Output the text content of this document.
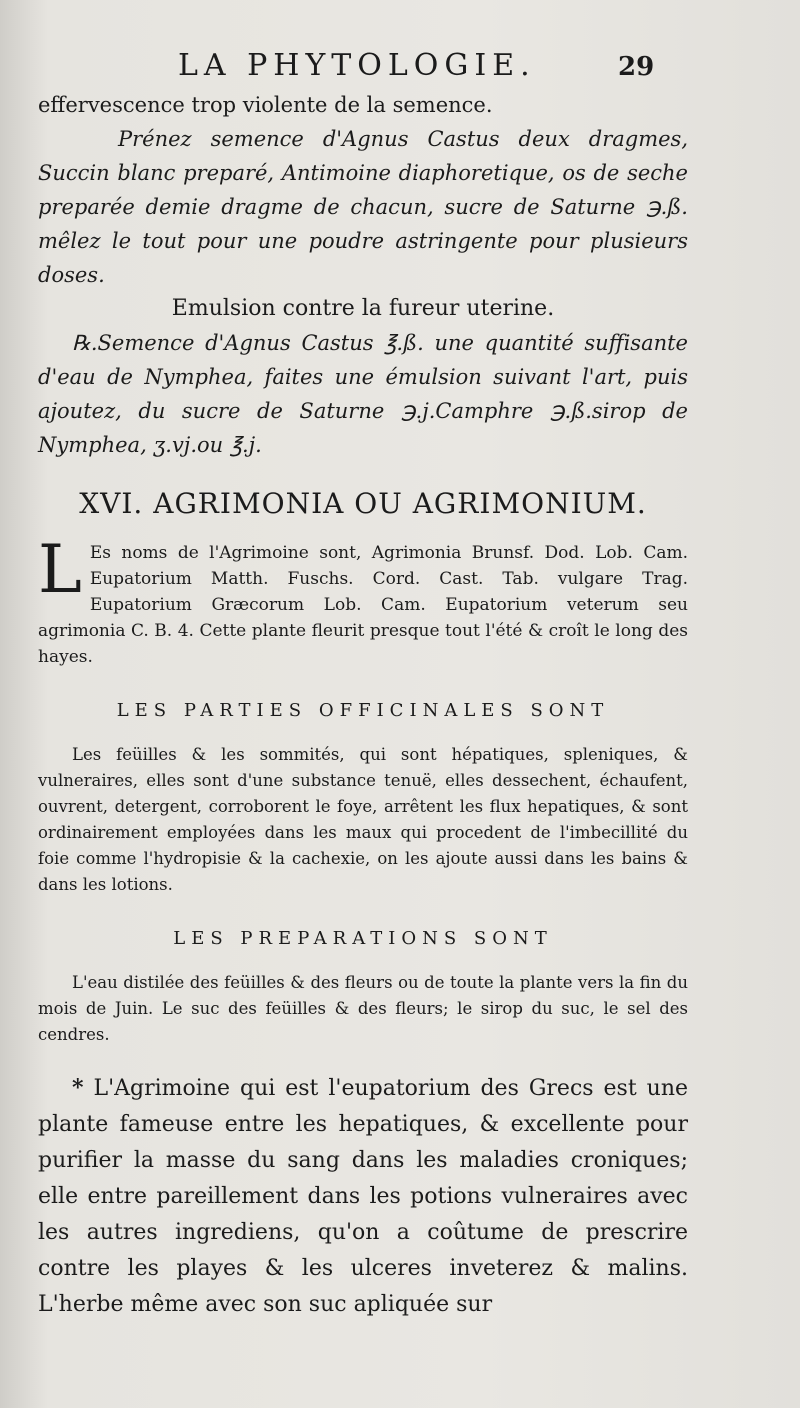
LA PHYTOLOGIE.	29

effervescence trop violente de la semence.

Prénez semence d'Agnus Castus deux dragmes, Succin blanc preparé, Antimoine diaphoretique, os de seche preparée demie dragme de chacun, sucre de Saturne ℈.ß. mêlez le tout pour une poudre astringente pour plusieurs doses.

Emulsion contre la fureur uterine.

℞.Semence d'Agnus Castus ℥.ß. une quantité suffisante d'eau de Nymphea, faites une émulsion suivant l'art, puis ajoutez, du sucre de Saturne ℈.j.Camphre ℈.ß.sirop de Nymphea, ʒ.vj.ou ℥.j.

XVI. AGRIMONIA OU AGRIMONIUM.

L Es noms de l'Agrimoine sont, Agrimonia Brunsf. Dod. Lob. Cam. Eupatorium Matth. Fuschs. Cord. Cast. Tab. vulgare Trag. Eupatorium Græcorum Lob. Cam. Eupatorium veterum seu agrimonia C. B. 4. Cette plante fleurit presque tout l'été & croît le long des hayes.

LES PARTIES OFFICINALES SONT

Les feüilles & les sommités, qui sont hépatiques, spleniques, & vulneraires, elles sont d'une substance tenuë, elles dessechent, échaufent, ouvrent, detergent, corroborent le foye, arrêtent les flux hepatiques, & sont ordinairement employées dans les maux qui procedent de l'imbecillité du foie comme l'hydropisie & la cachexie, on les ajoute aussi dans les bains & dans les lotions.

LES PREPARATIONS SONT

L'eau distilée des feüilles & des fleurs ou de toute la plante vers la fin du mois de Juin. Le suc des feüilles & des fleurs; le sirop du suc, le sel des cendres.

* L'Agrimoine qui est l'eupatorium des Grecs est une plante fameuse entre les hepatiques, & excellente pour purifier la masse du sang dans les maladies croniques; elle entre pareillement dans les potions vulneraires avec les autres ingrediens, qu'on a coûtume de prescrire contre les playes & les ulceres inveterez & malins. L'herbe même avec son suc apliquée sur
